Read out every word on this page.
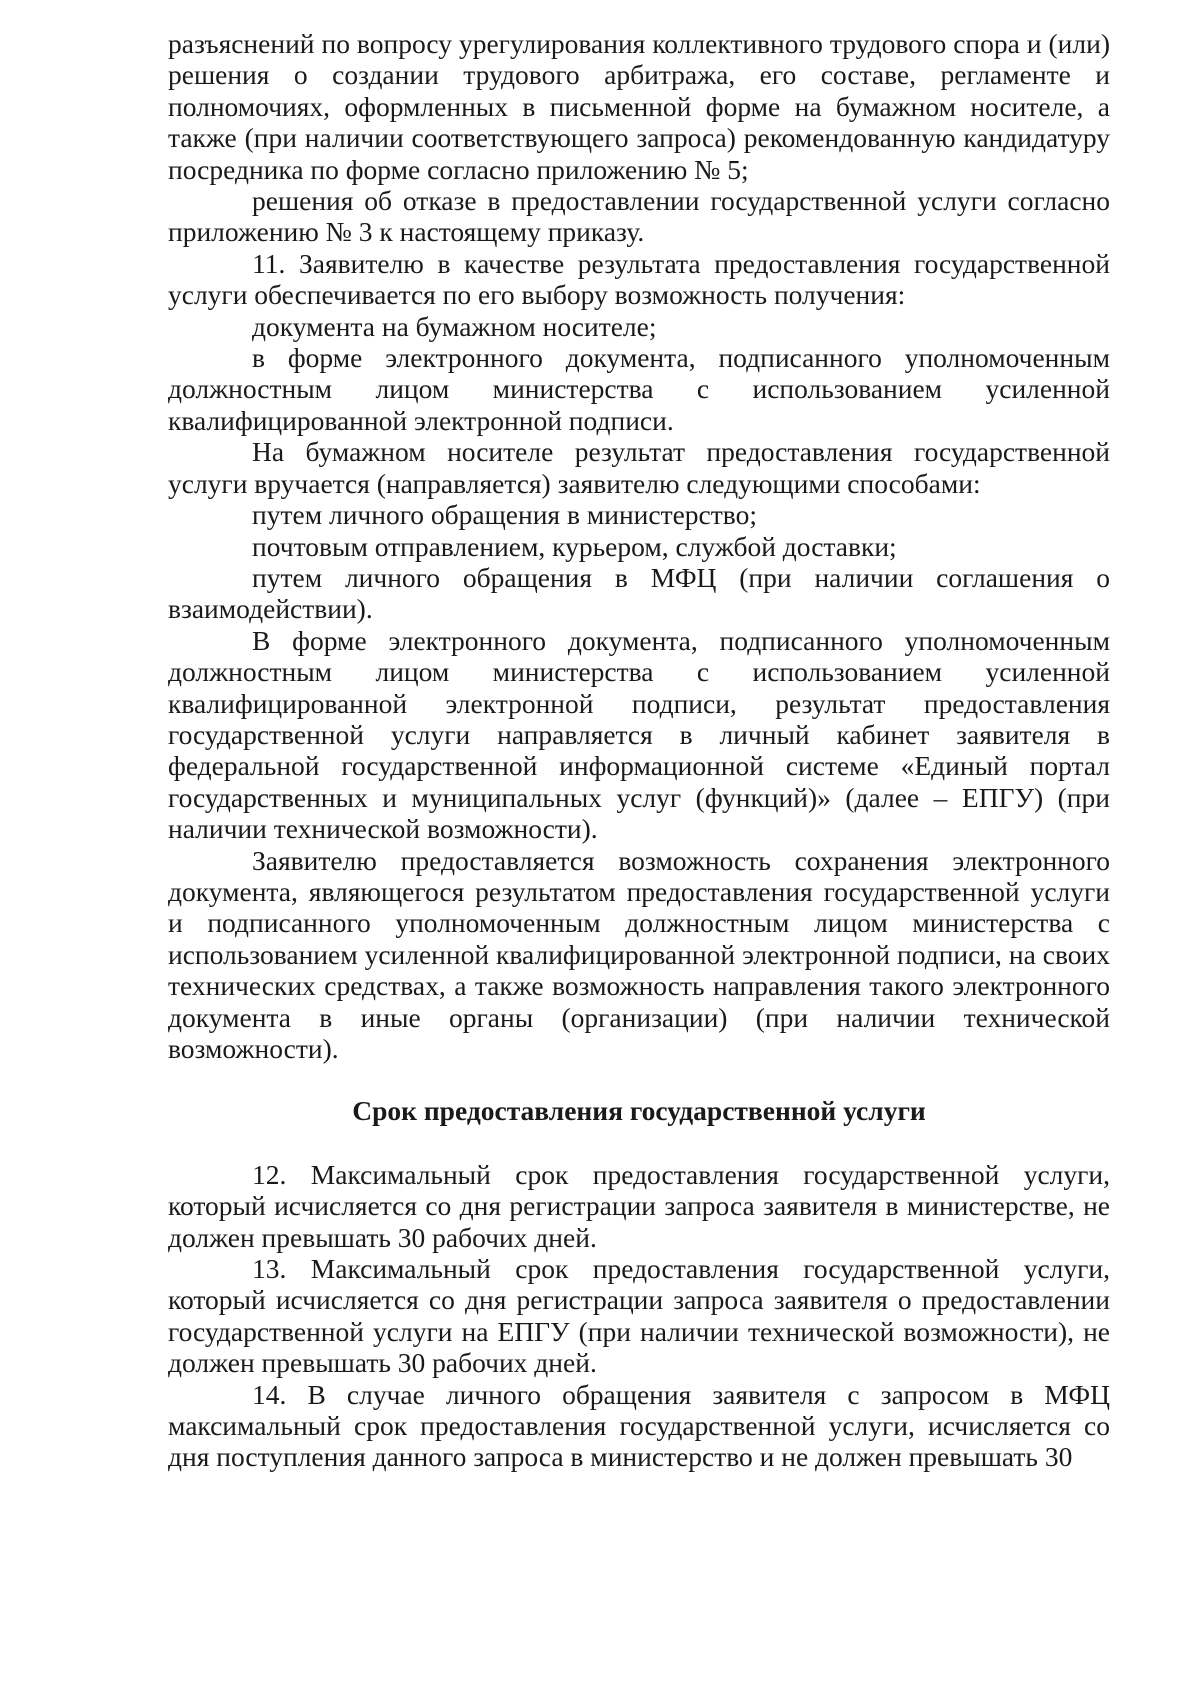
разъяснений по вопросу урегулирования коллективного трудового спора и (или) решения о создании трудового арбитража, его составе, регламенте и полномочиях, оформленных в письменной форме на бумажном носителе, а также (при наличии соответствующего запроса) рекомендованную кандидатуру посредника по форме согласно приложению № 5;

решения об отказе в предоставлении государственной услуги согласно приложению № 3 к настоящему приказу.

11. Заявителю в качестве результата предоставления государственной услуги обеспечивается по его выбору возможность получения:

документа на бумажном носителе;

в форме электронного документа, подписанного уполномоченным должностным лицом министерства с использованием усиленной квалифицированной электронной подписи.

На бумажном носителе результат предоставления государственной услуги вручается (направляется) заявителю следующими способами:

путем личного обращения в министерство;

почтовым отправлением, курьером, службой доставки;

путем личного обращения в МФЦ (при наличии соглашения о взаимодействии).

В форме электронного документа, подписанного уполномоченным должностным лицом министерства с использованием усиленной квалифицированной электронной подписи, результат предоставления государственной услуги направляется в личный кабинет заявителя в федеральной государственной информационной системе «Единый портал государственных и муниципальных услуг (функций)» (далее – ЕПГУ) (при наличии технической возможности).

Заявителю предоставляется возможность сохранения электронного документа, являющегося результатом предоставления государственной услуги и подписанного уполномоченным должностным лицом министерства с использованием усиленной квалифицированной электронной подписи, на своих технических средствах, а также возможность направления такого электронного документа в иные органы (организации) (при наличии технической возможности).

Срок предоставления государственной услуги

12. Максимальный срок предоставления государственной услуги, который исчисляется со дня регистрации запроса заявителя в министерстве, не должен превышать 30 рабочих дней.

13. Максимальный срок предоставления государственной услуги, который исчисляется со дня регистрации запроса заявителя о предоставлении государственной услуги на ЕПГУ (при наличии технической возможности), не должен превышать 30 рабочих дней.

14. В случае личного обращения заявителя с запросом в МФЦ максимальный срок предоставления государственной услуги, исчисляется со дня поступления данного запроса в министерство и не должен превышать 30
